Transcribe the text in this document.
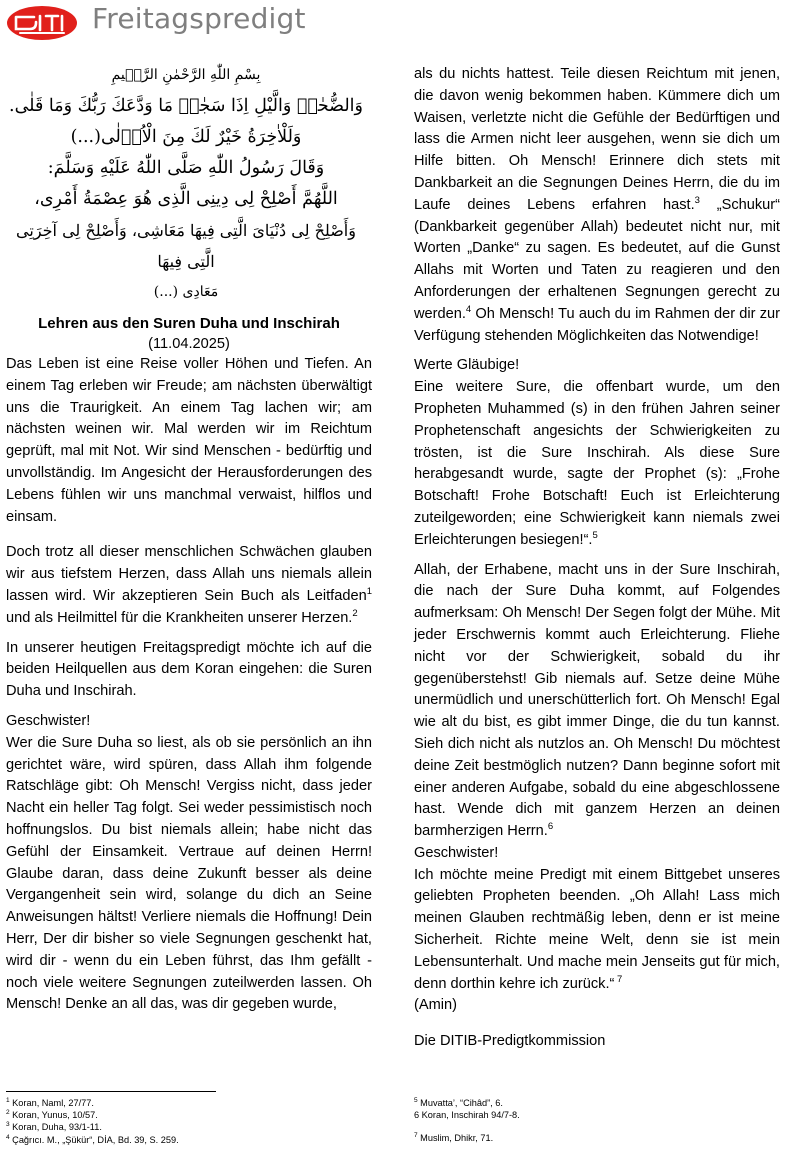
Freitagspredigt

بِسْمِ اللّٰهِ الرَّحْمٰنِ الرَّح۪يمِ

وَالضُّحٰىۙ وَالَّيْلِ اِذَا سَجٰىۙ مَا وَدَّعَكَ رَبُّكَ وَمَا قَلٰى.

وَلَلْاٰخِرَةُ خَيْرٌ لَكَ مِنَ الْاُو۫لٰى(...)

وَقَالَ رَسُولُ اللّٰهِ صَلَّى اللّٰهُ عَلَيْهِ وَسَلَّمَ:

اللَّهُمَّ أَصْلِحْ لِى دِينِى الَّذِى هُوَ عِصْمَةُ أَمْرِى،

وَأَصْلِحْ لِى دُنْيَاىَ الَّتِى فِيهَا مَعَاشِى، وَأَصْلِحْ لِى آخِرَتِى الَّتِى فِيهَا

مَعَادِى (...)

Lehren aus den Suren Duha und Inschirah
(11.04.2025)

Das Leben ist eine Reise voller Höhen und Tiefen. An einem Tag erleben wir Freude; am nächsten überwältigt uns die Traurigkeit. An einem Tag lachen wir; am nächsten weinen wir. Mal werden wir im Reichtum geprüft, mal mit Not. Wir sind Menschen - bedürftig und unvollständig. Im Angesicht der Herausforderungen des Lebens fühlen wir uns manchmal verwaist, hilflos und einsam.

Doch trotz all dieser menschlichen Schwächen glauben wir aus tiefstem Herzen, dass Allah uns niemals allein lassen wird. Wir akzeptieren Sein Buch als Leitfaden$^1$ und als Heilmittel für die Krankheiten unserer Herzen.$^2$

In unserer heutigen Freitagspredigt möchte ich auf die beiden Heilquellen aus dem Koran eingehen: die Suren Duha und Inschirah.

Geschwister!

Wer die Sure Duha so liest, als ob sie persönlich an ihn gerichtet wäre, wird spüren, dass Allah ihm folgende Ratschläge gibt: Oh Mensch! Vergiss nicht, dass jeder Nacht ein heller Tag folgt. Sei weder pessimistisch noch hoffnungslos. Du bist niemals allein; habe nicht das Gefühl der Einsamkeit. Vertraue auf deinen Herrn! Glaube daran, dass deine Zukunft besser als deine Vergangenheit sein wird, solange du dich an Seine Anweisungen hältst! Verliere niemals die Hoffnung! Dein Herr, Der dir bisher so viele Segnungen geschenkt hat, wird dir - wenn du ein Leben führst, das Ihm gefällt - noch viele weitere Segnungen zuteilwerden lassen. Oh Mensch! Denke an all das, was dir gegeben wurde,

als du nichts hattest. Teile diesen Reichtum mit jenen, die davon wenig bekommen haben. Kümmere dich um Waisen, verletzte nicht die Gefühle der Bedürftigen und lass die Armen nicht leer ausgehen, wenn sie dich um Hilfe bitten. Oh Mensch! Erinnere dich stets mit Dankbarkeit an die Segnungen Deines Herrn, die du im Laufe deines Lebens erfahren hast.$^3$ „Schukur“ (Dankbarkeit gegenüber Allah) bedeutet nicht nur, mit Worten „Danke“ zu sagen. Es bedeutet, auf die Gunst Allahs mit Worten und Taten zu reagieren und den Anforderungen der erhaltenen Segnungen gerecht zu werden.$^4$ Oh Mensch! Tu auch du im Rahmen der dir zur Verfügung stehenden Möglichkeiten das Notwendige!

Werte Gläubige!

Eine weitere Sure, die offenbart wurde, um den Propheten Muhammed (s) in den frühen Jahren seiner Prophetenschaft angesichts der Schwierigkeiten zu trösten, ist die Sure Inschirah. Als diese Sure herabgesandt wurde, sagte der Prophet (s): „Frohe Botschaft! Frohe Botschaft! Euch ist Erleichterung zuteilgeworden; eine Schwierigkeit kann niemals zwei Erleichterungen besiegen!“.$^5$

Allah, der Erhabene, macht uns in der Sure Inschirah, die nach der Sure Duha kommt, auf Folgendes aufmerksam: Oh Mensch! Der Segen folgt der Mühe. Mit jeder Erschwernis kommt auch Erleichterung. Fliehe nicht vor der Schwierigkeit, sobald du ihr gegenüberstehst! Gib niemals auf. Setze deine Mühe unermüdlich und unerschütterlich fort. Oh Mensch! Egal wie alt du bist, es gibt immer Dinge, die du tun kannst. Sieh dich nicht als nutzlos an. Oh Mensch! Du möchtest deine Zeit bestmöglich nutzen? Dann beginne sofort mit einer anderen Aufgabe, sobald du eine abgeschlossene hast. Wende dich mit ganzem Herzen an deinen barmherzigen Herrn.$^6$

Geschwister!

Ich möchte meine Predigt mit einem Bittgebet unseres geliebten Propheten beenden. „Oh Allah! Lass mich meinen Glauben rechtmäßig leben, denn er ist meine Sicherheit. Richte meine Welt, denn sie ist mein Lebensunterhalt. Und mache mein Jenseits gut für mich, denn dorthin kehre ich zurück.“ $^7$

(Amin)

Die DITIB-Predigtkommission

$^1$ Koran, Naml, 27/77.

$^2$ Koran, Yunus, 10/57.

$^3$ Koran, Duha, 93/1-11.

$^4$ Çağrıcı. M., „Şükür“, DİA, Bd. 39, S. 259.

$^5$ Muvatta’, “Cihâd”, 6.

6 Koran, Inschirah 94/7-8.

$^7$ Muslim, Dhikr, 71.
